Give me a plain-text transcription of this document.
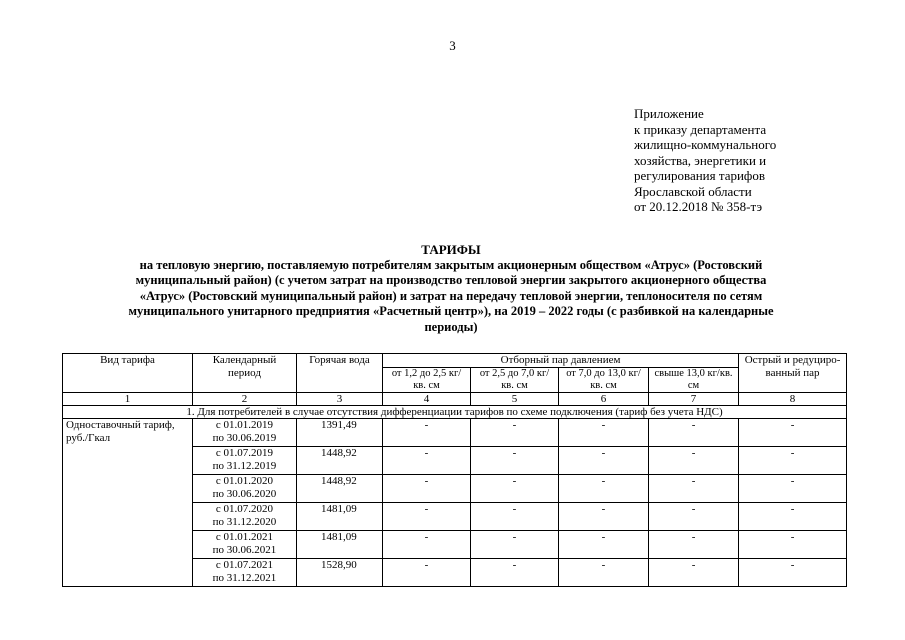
3
Приложение
к приказу департамента
жилищно-коммунального
хозяйства, энергетики и
регулирования тарифов
Ярославской области
от 20.12.2018 № 358-тэ
ТАРИФЫ
на тепловую энергию, поставляемую потребителям закрытым акционерным обществом «Атрус» (Ростовский
муниципальный район) (с учетом затрат на производство тепловой энергии закрытого акционерного общества
«Атрус» (Ростовский муниципальный район) и затрат на передачу тепловой энергии, теплоносителя по сетям
муниципального унитарного предприятия «Расчетный центр»), на 2019 – 2022 годы (с разбивкой на календарные
периоды)
Вид тарифа	Календарный период	Горячая вода	Отборный пар давлением				Острый и редуциро-ванный пар
			от 1,2 до 2,5 кг/кв. см	от 2,5 до 7,0 кг/кв. см	от 7,0 до 13,0 кг/кв. см	свыше 13,0 кг/кв. см	
1	2	3	4	5	6	7	8
1. Для потребителей в случае отсутствия дифференциации тарифов по схеме подключения (тариф без учета НДС)							
Одноставочный тариф, руб./Гкал	с 01.01.2019
по 30.06.2019	1391,49	-	-	-	-	-

	с 01.07.2019
по 31.12.2019	1448,92	-	-	-	-	-

	с 01.01.2020
по 30.06.2020	1448,92	-	-	-	-	-

	с 01.07.2020
по 31.12.2020	1481,09	-	-	-	-	-

	с 01.01.2021
по 30.06.2021	1481,09	-	-	-	-	-

	с 01.07.2021
по 31.12.2021	1528,90	-	-	-	-	-
